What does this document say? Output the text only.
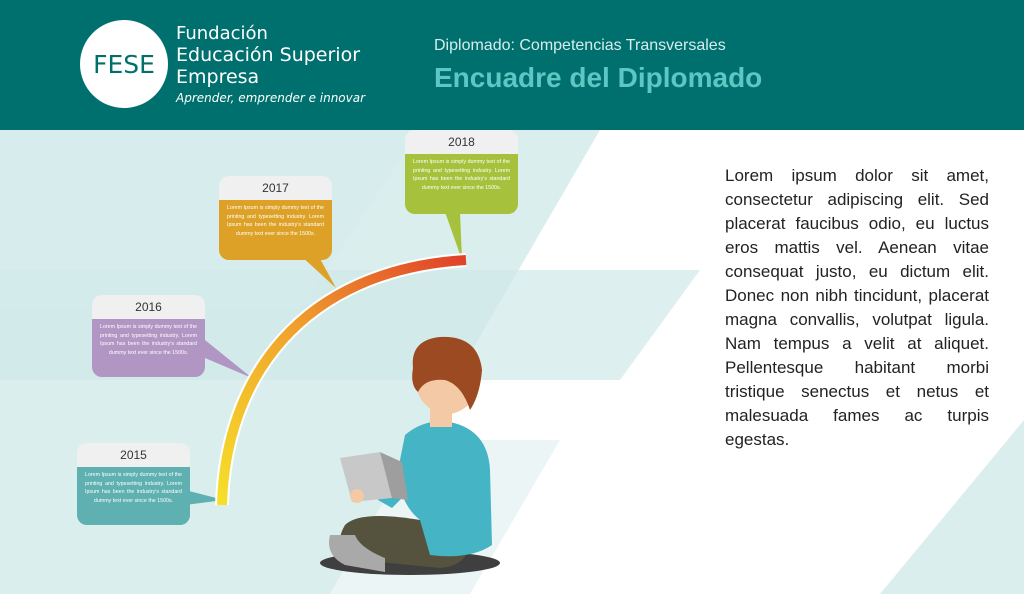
FESE
Fundación
Educación Superior
Empresa
Aprender, emprender e innovar
Diplomado: Competencias Transversales
Encuadre del Diplomado
2015
Lorem Ipsum is simply dummy text of the printing and typesetting industry. Lorem Ipsum has been the industry's standard dummy text ever since the 1500s.
2016
Lorem Ipsum is simply dummy text of the printing and typesetting industry. Lorem Ipsum has been the industry's standard dummy text ever since the 1500s.
2017
Lorem Ipsum is simply dummy text of the printing and typesetting industry. Lorem Ipsum has been the industry's standard dummy text ever since the 1500s.
2018
Lorem Ipsum is simply dummy text of the printing and typesetting industry. Lorem Ipsum has been the industry's standard dummy text ever since the 1500s.
Lorem ipsum dolor sit amet, consectetur adipiscing elit. Sed placerat faucibus odio, eu luctus eros mattis vel. Aenean vitae consequat justo, eu dictum elit. Donec non nibh tincidunt, placerat magna convallis, volutpat ligula. Nam tempus a velit at aliquet. Pellentesque habitant morbi tristique senectus et netus et malesuada fames ac turpis egestas.
